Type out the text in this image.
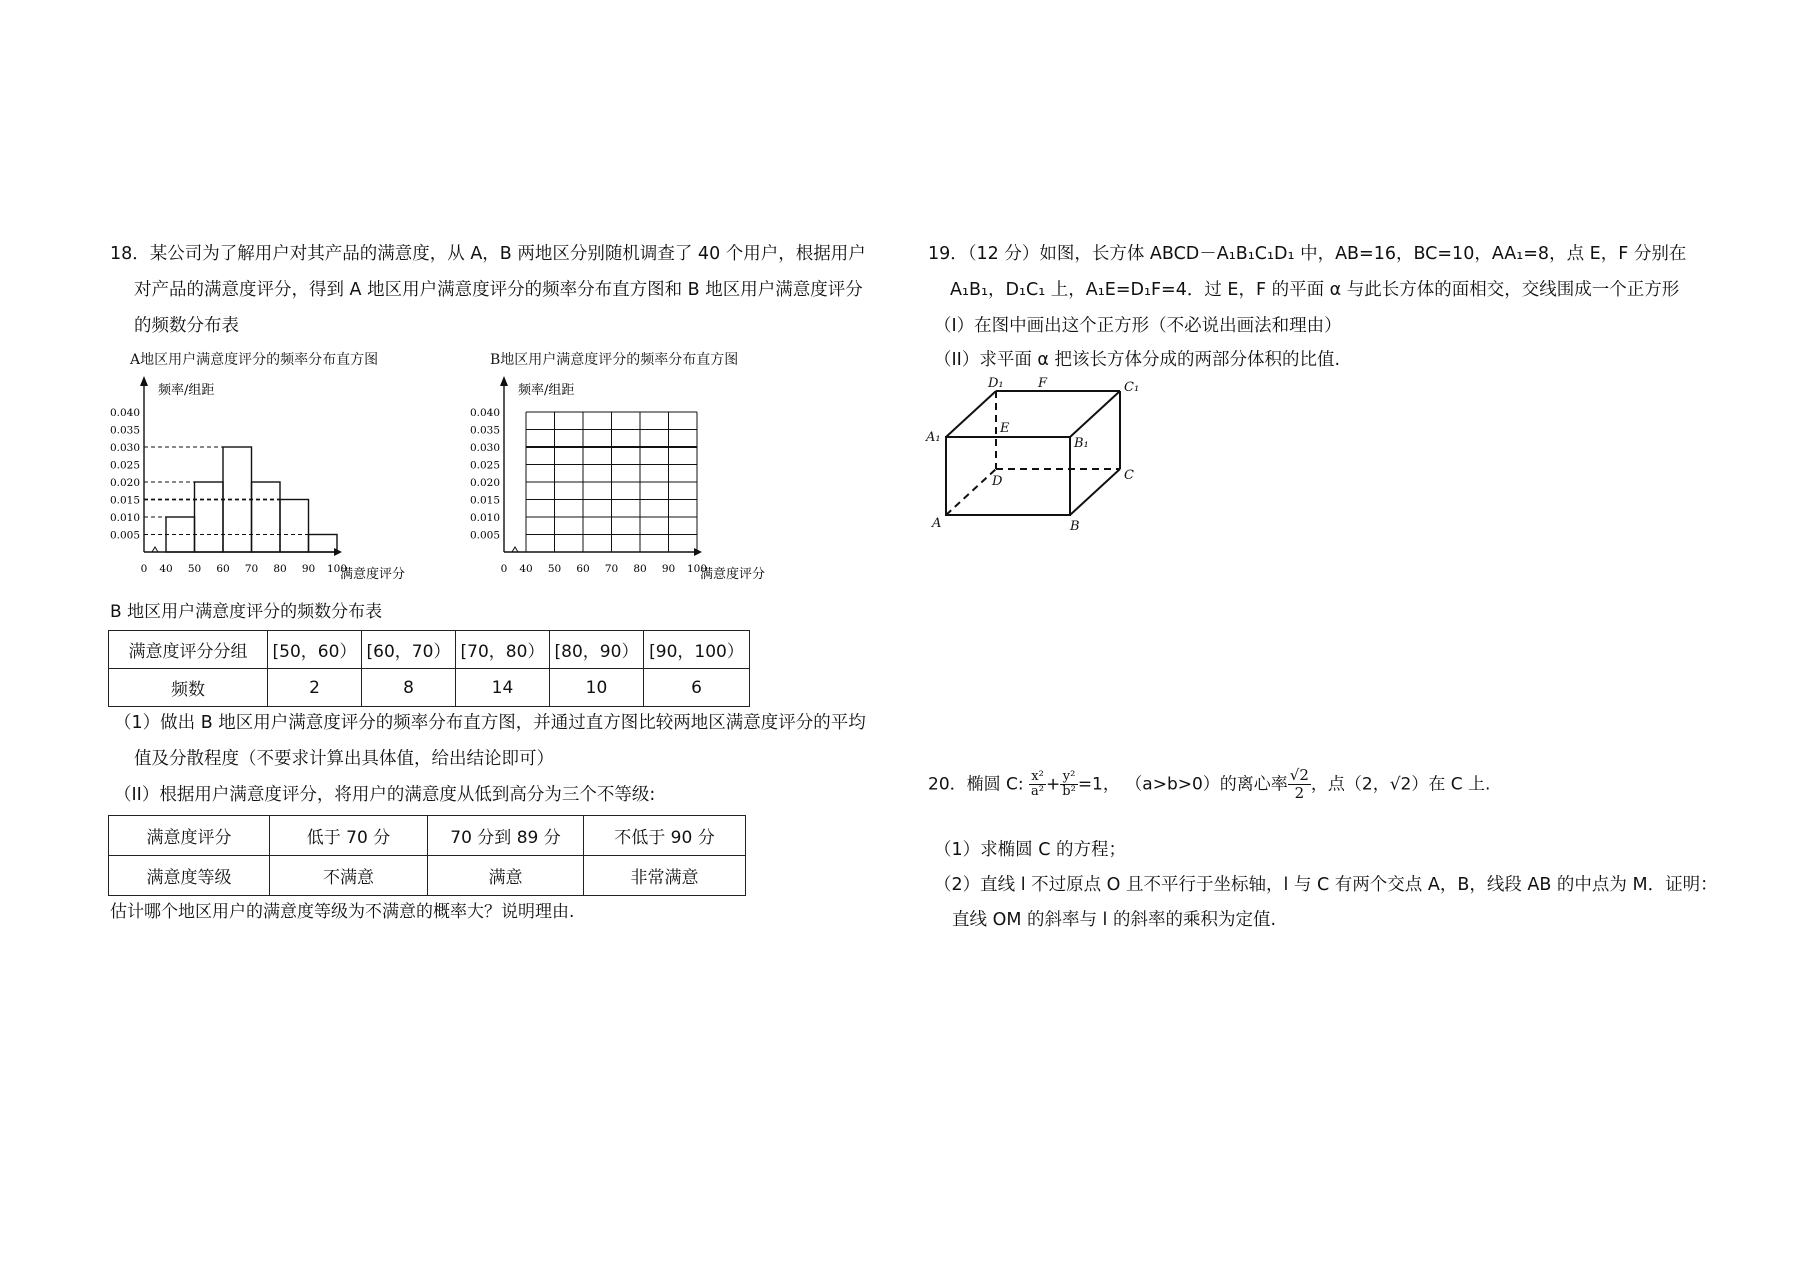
18．某公司为了解用户对其产品的满意度，从 A，B 两地区分别随机调查了 40 个用户，根据用户
对产品的满意度评分，得到 A 地区用户满意度评分的频率分布直方图和 B 地区用户满意度评分
的频数分布表
A地区用户满意度评分的频率分布直方图
频率/组距
满意度评分
0.005
0.010
0.015
0.020
0.025
0.030
0.035
0.040
0 40 50 60 70 80 90 100
B地区用户满意度评分的频率分布直方图
频率/组距
满意度评分
0.005
0.010
0.015
0.020
0.025
0.030
0.035
0.040
0 40 50 60 70 80 90 100
B 地区用户满意度评分的频数分布表
满意度评分分组	[50，60）	[60，70）	[70，80）	[80，90）	[90，100）
频数	2	8	14	10	6
（1）做出 B 地区用户满意度评分的频率分布直方图，并通过直方图比较两地区满意度评分的平均
值及分散程度（不要求计算出具体值，给出结论即可）
（II）根据用户满意度评分，将用户的满意度从低到高分为三个不等级:
满意度评分	低于 70 分	70 分到 89 分	不低于 90 分
满意度等级	不满意	满意	非常满意
估计哪个地区用户的满意度等级为不满意的概率大？说明理由.
19．（12 分）如图，长方体 ABCD－A₁B₁C₁D₁ 中，AB=16，BC=10，AA₁=8，点 E，F 分别在
A₁B₁，D₁C₁ 上，A₁E=D₁F=4．过 E，F 的平面 α 与此长方体的面相交，交线围成一个正方形
（I）在图中画出这个正方形（不必说出画法和理由）
（II）求平面 α 把该长方体分成的两部分体积的比值.
D₁	F	C₁
A₁
E
B₁
D	C
A	B
20．椭圆 C: $\frac{\text{x²}}{\text{a²}} + \frac{\text{y²}}{\text{b²}} =1$， （a>b>0）的离心率 $\frac{√2}{2}$ ，点（2，√2）在 C 上.
（1）求椭圆 C 的方程；
（2）直线 l 不过原点 O 且不平行于坐标轴，l 与 C 有两个交点 A，B，线段 AB 的中点为 M．证明：
直线 OM 的斜率与 l 的斜率的乘积为定值.
